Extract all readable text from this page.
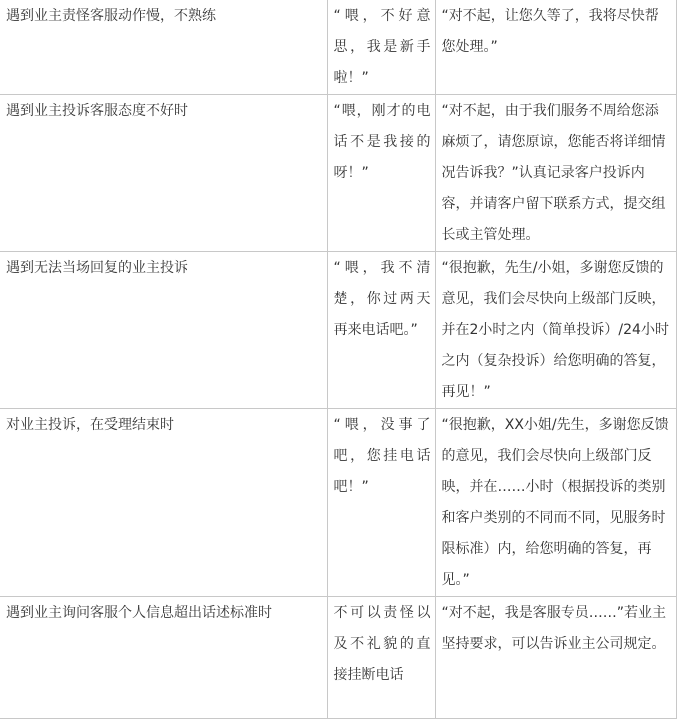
遇到业主责怪客服动作慢，不熟练	“喂，不好意思，我是新手啦！”	“对不起，让您久等了，我将尽快帮您处理。”
遇到业主投诉客服态度不好时	“喂，刚才的电话不是我接的呀！”	“对不起，由于我们服务不周给您添麻烦了，请您原谅，您能否将详细情况告诉我？”认真记录客户投诉内容，并请客户留下联系方式，提交组长或主管处理。
遇到无法当场回复的业主投诉	“喂，我不清楚，你过两天再来电话吧。”	“很抱歉，先生/小姐，多谢您反馈的意见，我们会尽快向上级部门反映，并在2小时之内（简单投诉）/24小时之内（复杂投诉）给您明确的答复，再见！”
对业主投诉，在受理结束时	“喂，没事了吧，您挂电话吧！”	“很抱歉，XX小姐/先生，多谢您反馈的意见，我们会尽快向上级部门反映，并在……小时（根据投诉的类别和客户类别的不同而不同，见服务时限标准）内，给您明确的答复，再见。”
遇到业主询问客服个人信息超出话述标准时	不可以责怪以及不礼貌的直接挂断电话	“对不起，我是客服专员……”若业主坚持要求，可以告诉业主公司规定。
